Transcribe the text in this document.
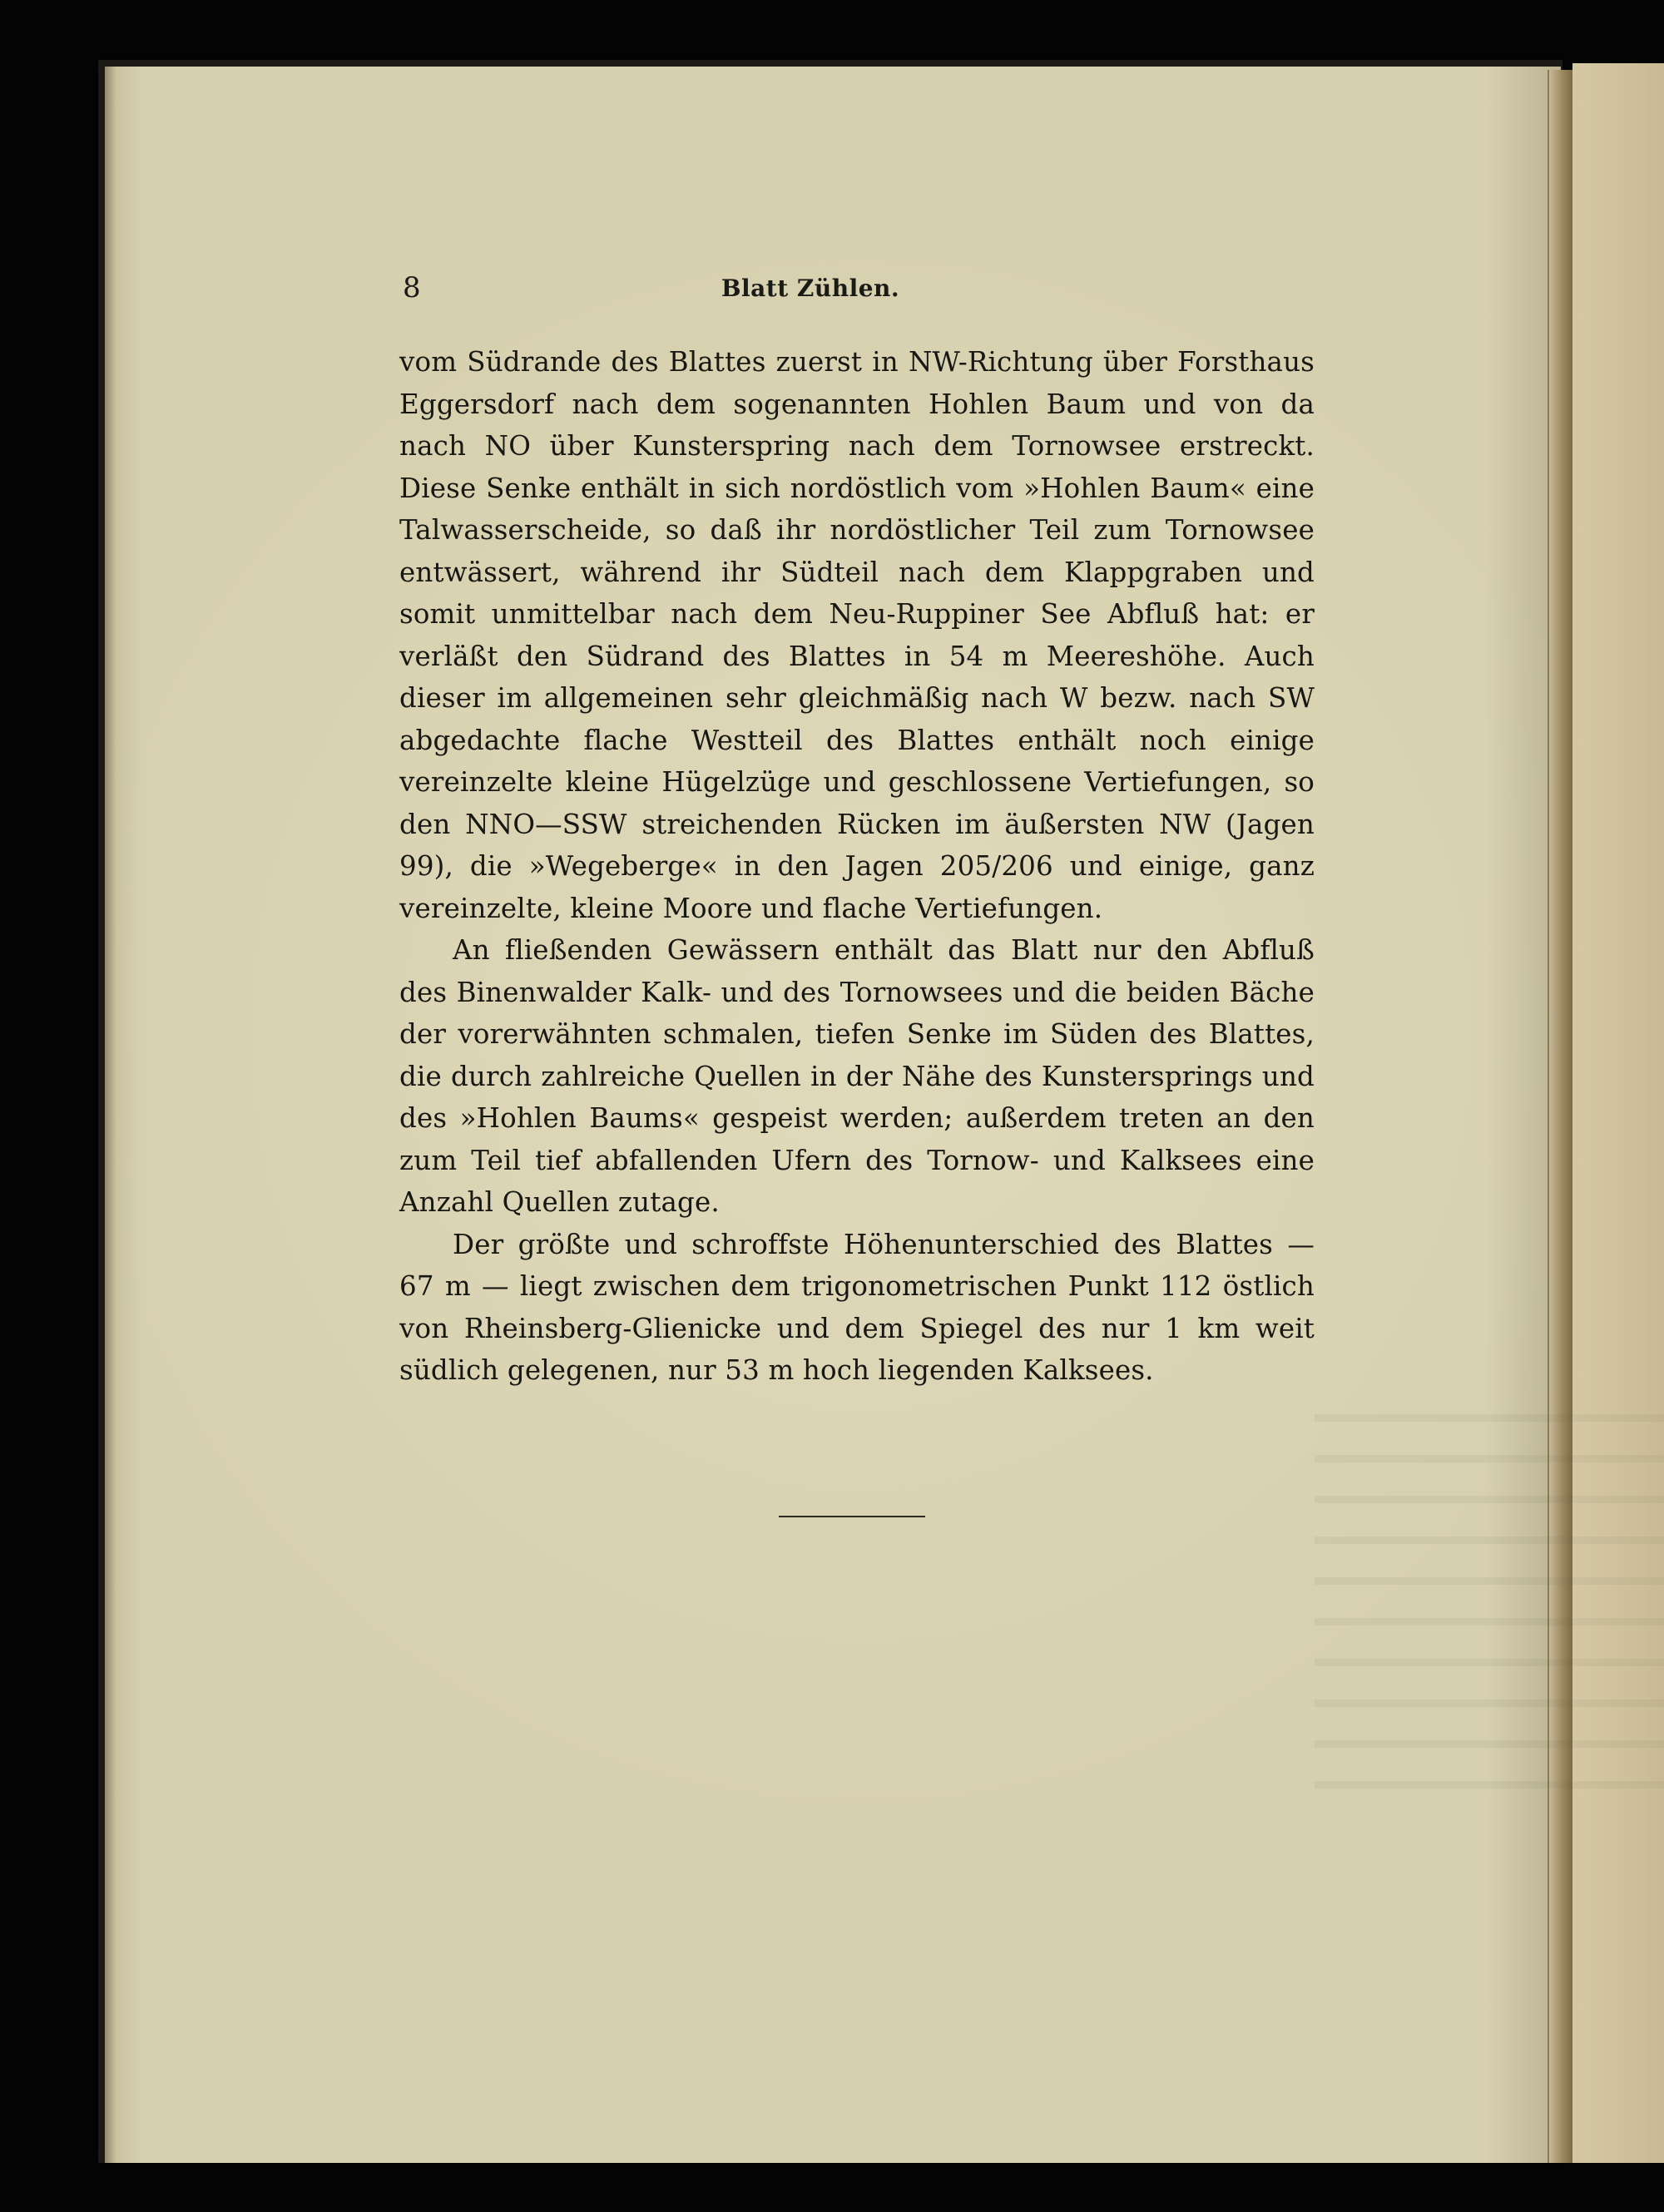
8	Blatt Zühlen.

vom Südrande des Blattes zuerst in NW-Richtung über Forsthaus Eggersdorf nach dem sogenannten Hohlen Baum und von da nach NO über Kunsterspring nach dem Tornowsee erstreckt. Diese Senke enthält in sich nordöstlich vom »Hohlen Baum« eine Talwasserscheide, so daß ihr nordöstlicher Teil zum Tornowsee entwässert, während ihr Südteil nach dem Klappgraben und somit unmittelbar nach dem Neu-Ruppiner See Abfluß hat: er verläßt den Südrand des Blattes in 54 m Meereshöhe. Auch dieser im allgemeinen sehr gleichmäßig nach W bezw. nach SW abgedachte flache Westteil des Blattes enthält noch einige vereinzelte kleine Hügelzüge und geschlossene Vertiefungen, so den NNO—SSW streichenden Rücken im äußersten NW (Jagen 99), die »Wegeberge« in den Jagen 205/206 und einige, ganz vereinzelte, kleine Moore und flache Vertiefungen.

An fließenden Gewässern enthält das Blatt nur den Abfluß des Binenwalder Kalk- und des Tornowsees und die beiden Bäche der vorerwähnten schmalen, tiefen Senke im Süden des Blattes, die durch zahlreiche Quellen in der Nähe des Kunstersprings und des »Hohlen Baums« gespeist werden; außerdem treten an den zum Teil tief abfallenden Ufern des Tornow- und Kalksees eine Anzahl Quellen zutage.

Der größte und schroffste Höhenunterschied des Blattes — 67 m — liegt zwischen dem trigonometrischen Punkt 112 östlich von Rheinsberg-Glienicke und dem Spiegel des nur 1 km weit südlich gelegenen, nur 53 m hoch liegenden Kalksees.
